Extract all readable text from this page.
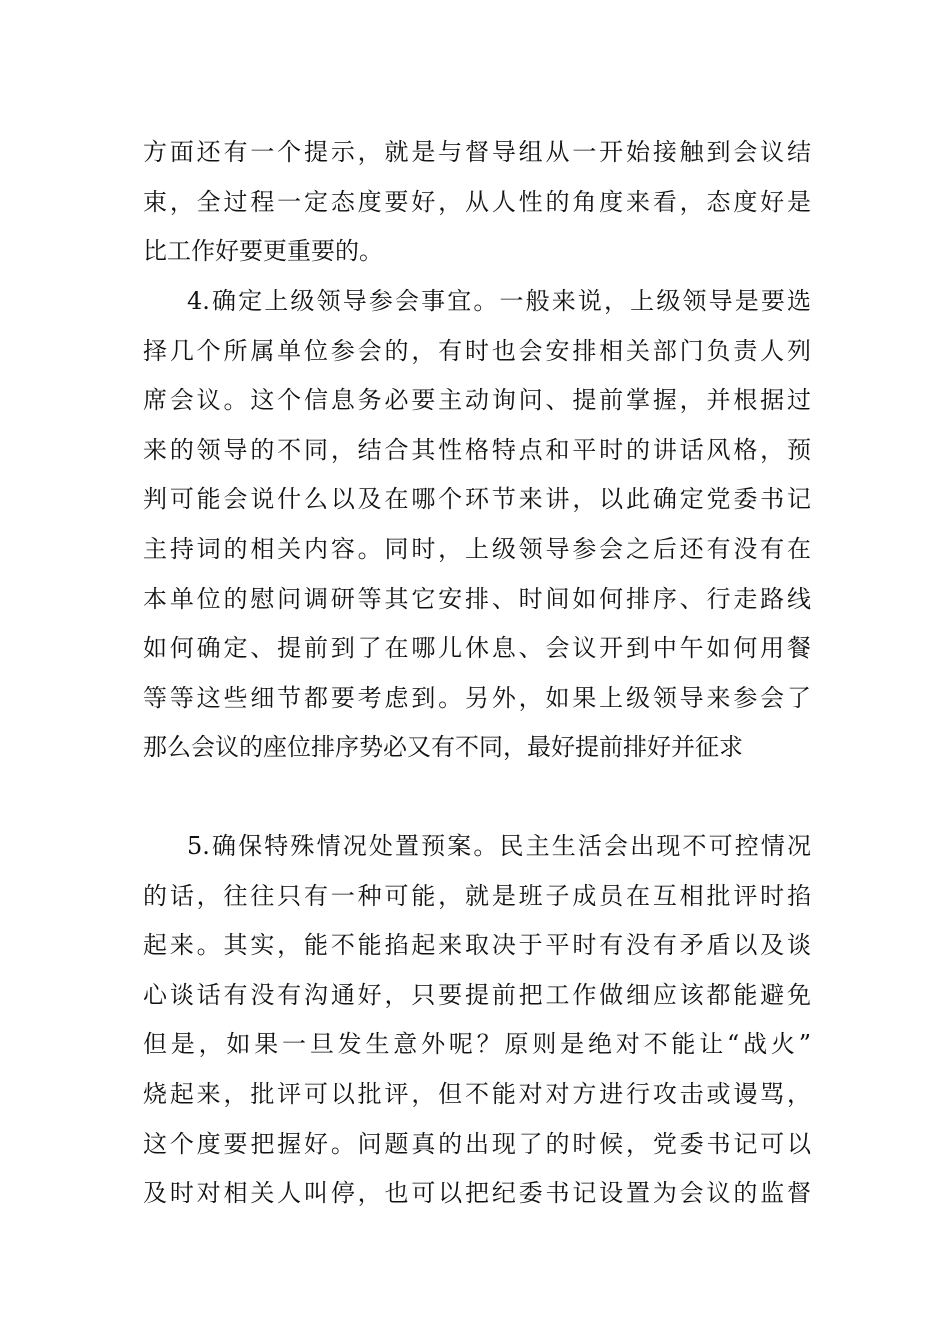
方面还有一个提示，就是与督导组从一开始接触到会议结
束，全过程一定态度要好，从人性的角度来看，态度好是
比工作好要更重要的。
4.确定上级领导参会事宜。一般来说，上级领导是要选
择几个所属单位参会的，有时也会安排相关部门负责人列
席会议。这个信息务必要主动询问、提前掌握，并根据过
来的领导的不同，结合其性格特点和平时的讲话风格，预
判可能会说什么以及在哪个环节来讲，以此确定党委书记
主持词的相关内容。同时，上级领导参会之后还有没有在
本单位的慰问调研等其它安排、时间如何排序、行走路线
如何确定、提前到了在哪儿休息、会议开到中午如何用餐
等等这些细节都要考虑到。另外，如果上级领导来参会了
那么会议的座位排序势必又有不同，最好提前排好并征求
5.确保特殊情况处置预案。民主生活会出现不可控情况
的话，往往只有一种可能，就是班子成员在互相批评时掐
起来。其实，能不能掐起来取决于平时有没有矛盾以及谈
心谈话有没有沟通好，只要提前把工作做细应该都能避免
但是，如果一旦发生意外呢？原则是绝对不能让“战火”
烧起来，批评可以批评，但不能对对方进行攻击或谩骂，
这个度要把握好。问题真的出现了的时候，党委书记可以
及时对相关人叫停，也可以把纪委书记设置为会议的监督
